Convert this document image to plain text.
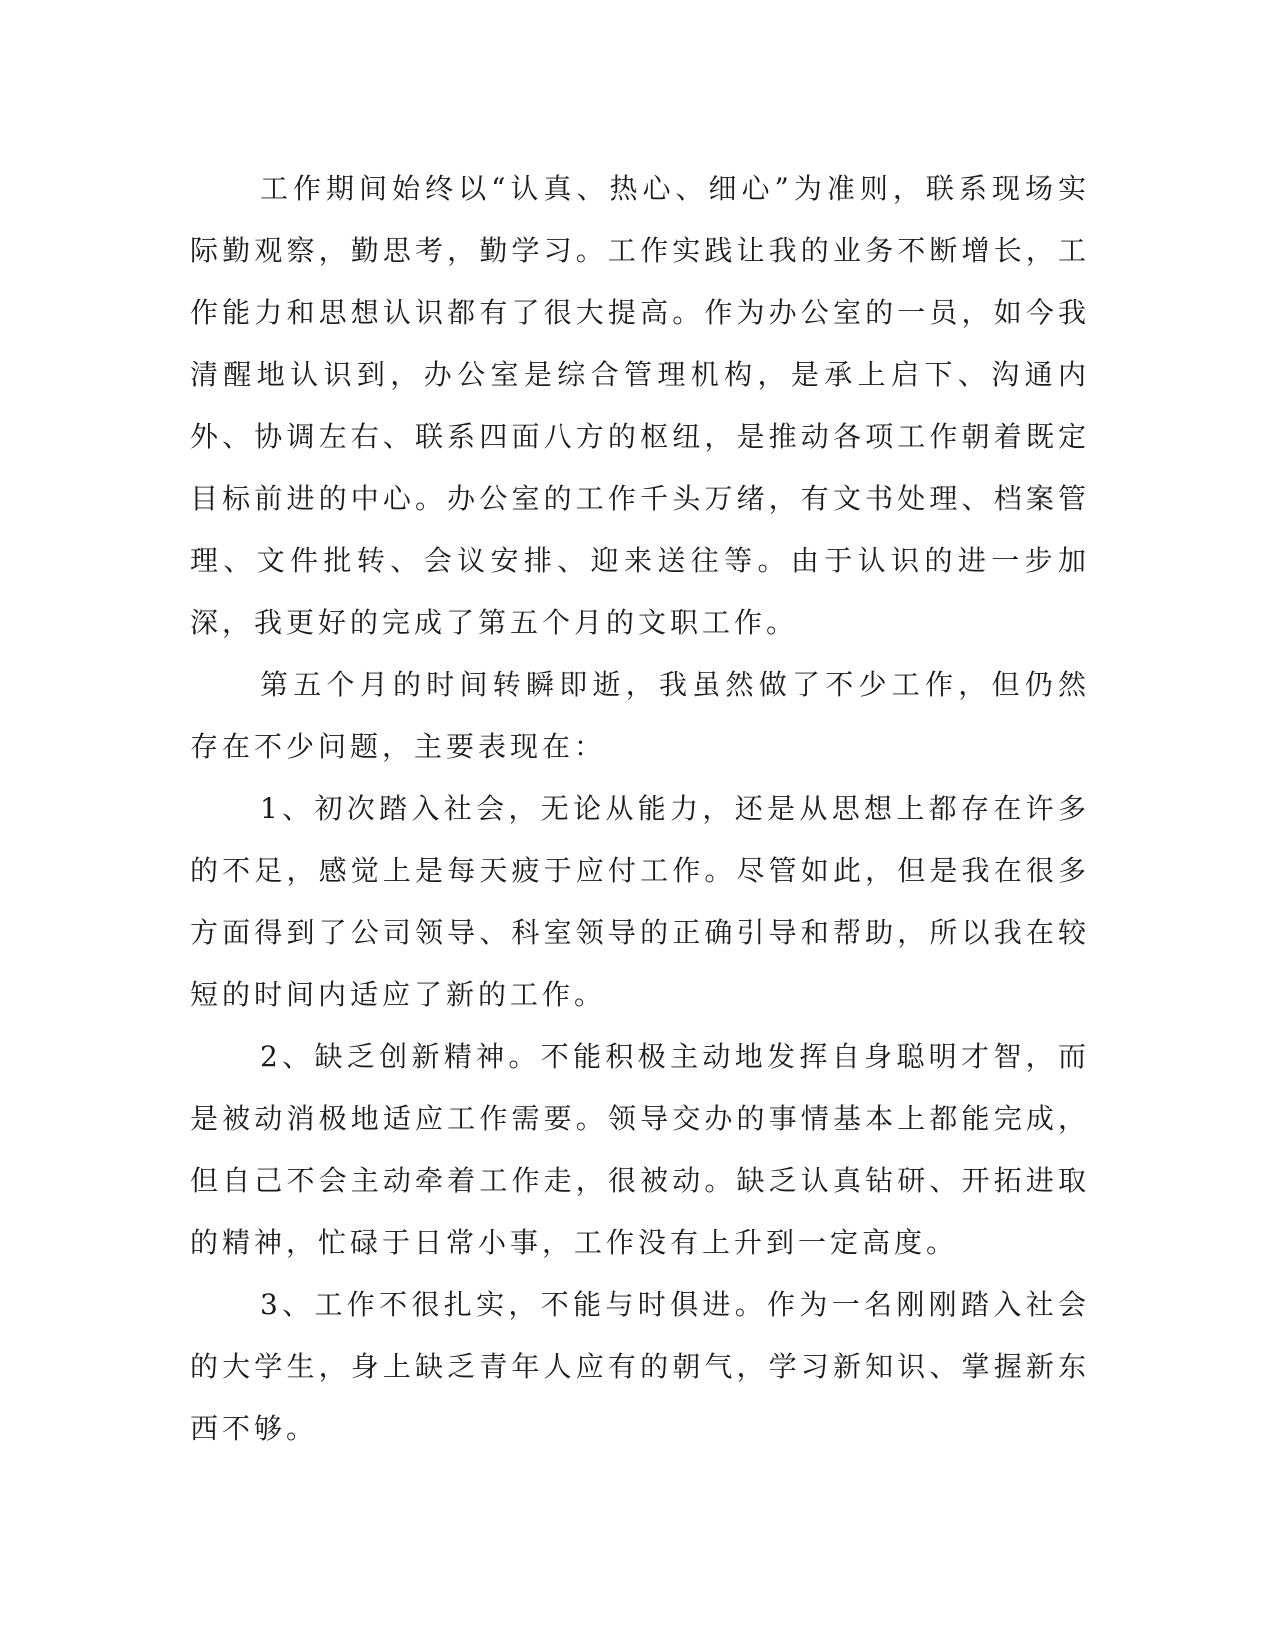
工作期间始终以“认真、热心、细心”为准则，联系现场实际勤观察，勤思考，勤学习。工作实践让我的业务不断增长，工作能力和思想认识都有了很大提高。作为办公室的一员，如今我清醒地认识到，办公室是综合管理机构，是承上启下、沟通内外、协调左右、联系四面八方的枢纽，是推动各项工作朝着既定目标前进的中心。办公室的工作千头万绪，有文书处理、档案管理、文件批转、会议安排、迎来送往等。由于认识的进一步加深，我更好的完成了第五个月的文职工作。

第五个月的时间转瞬即逝，我虽然做了不少工作，但仍然存在不少问题，主要表现在：

1、初次踏入社会，无论从能力，还是从思想上都存在许多的不足，感觉上是每天疲于应付工作。尽管如此，但是我在很多方面得到了公司领导、科室领导的正确引导和帮助，所以我在较短的时间内适应了新的工作。

2、缺乏创新精神。不能积极主动地发挥自身聪明才智，而是被动消极地适应工作需要。领导交办的事情基本上都能完成，但自己不会主动牵着工作走，很被动。缺乏认真钻研、开拓进取的精神，忙碌于日常小事，工作没有上升到一定高度。

3、工作不很扎实，不能与时俱进。作为一名刚刚踏入社会的大学生，身上缺乏青年人应有的朝气，学习新知识、掌握新东西不够。
